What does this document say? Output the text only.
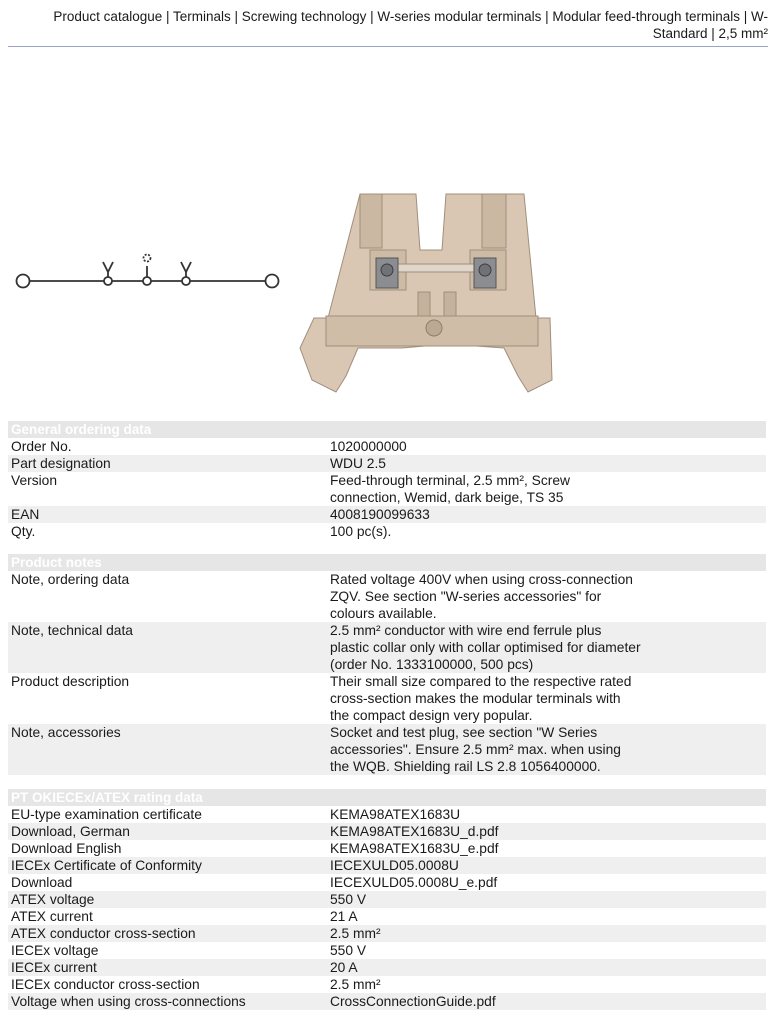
Product catalogue | Terminals | Screwing technology | W-series modular terminals | Modular feed-through terminals | W-Standard | 2,5 mm²
General ordering data
Order No.	1020000000
Part designation	WDU 2.5
Version	Feed-through terminal, 2.5 mm², Screw connection, Wemid, dark beige, TS 35
EAN	4008190099633
Qty.	100 pc(s).
Product notes
Note, ordering data	Rated voltage 400V when using cross-connection ZQV. See section "W-series accessories" for colours available.
Note, technical data	2.5 mm² conductor with wire end ferrule plus plastic collar only with collar optimised for diameter (order No. 1333100000, 500 pcs)
Product description	Their small size compared to the respective rated cross-section makes the modular terminals with the compact design very popular.
Note, accessories	Socket and test plug, see section "W Series accessories". Ensure 2.5 mm² max. when using the WQB. Shielding rail LS 2.8 1056400000.
PT OKIECEx/ATEX rating data
EU-type examination certificate	KEMA98ATEX1683U
Download, German	KEMA98ATEX1683U_d.pdf
Download English	KEMA98ATEX1683U_e.pdf
IECEx Certificate of Conformity	IECEXULD05.0008U
Download	IECEXULD05.0008U_e.pdf
ATEX voltage	550 V
ATEX current	21 A
ATEX conductor cross-section	2.5 mm²
IECEx voltage	550 V
IECEx current	20 A
IECEx conductor cross-section	2.5 mm²
Voltage when using cross-connections	CrossConnectionGuide.pdf
